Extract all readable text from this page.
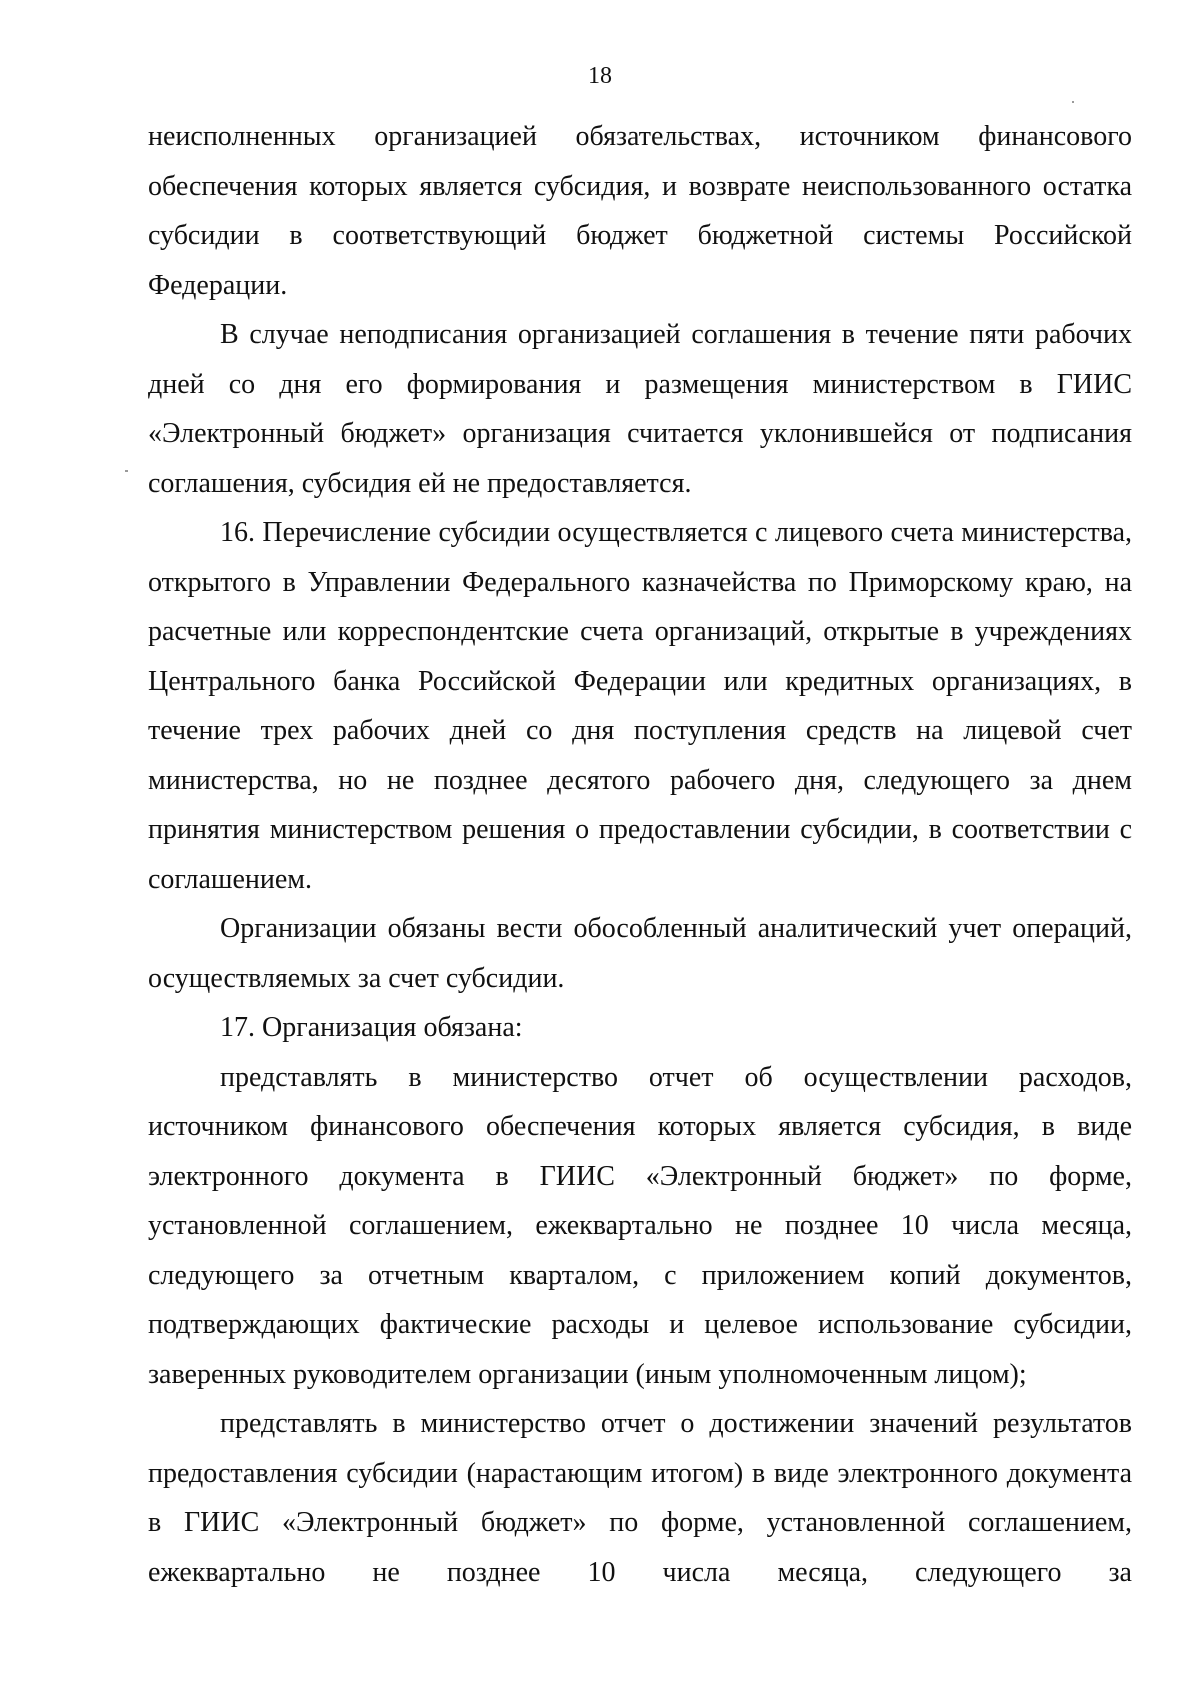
18

неисполненных организацией обязательствах, источником финансового обеспечения которых является субсидия, и возврате неиспользованного остатка субсидии в соответствующий бюджет бюджетной системы Российской Федерации.

В случае неподписания организацией соглашения в течение пяти рабочих дней со дня его формирования и размещения министерством в ГИИС «Электронный бюджет» организация считается уклонившейся от подписания соглашения, субсидия ей не предоставляется.

16. Перечисление субсидии осуществляется с лицевого счета министерства, открытого в Управлении Федерального казначейства по Приморскому краю, на расчетные или корреспондентские счета организаций, открытые в учреждениях Центрального банка Российской Федерации или кредитных организациях, в течение трех рабочих дней со дня поступления средств на лицевой счет министерства, но не позднее десятого рабочего дня, следующего за днем принятия министерством решения о предоставлении субсидии, в соответствии с соглашением.

Организации обязаны вести обособленный аналитический учет операций, осуществляемых за счет субсидии.

17. Организация обязана:

представлять в министерство отчет об осуществлении расходов, источником финансового обеспечения которых является субсидия, в виде электронного документа в ГИИС «Электронный бюджет» по форме, установленной соглашением, ежеквартально не позднее 10 числа месяца, следующего за отчетным кварталом, с приложением копий документов, подтверждающих фактические расходы и целевое использование субсидии, заверенных руководителем организации (иным уполномоченным лицом);

представлять в министерство отчет о достижении значений результатов предоставления субсидии (нарастающим итогом) в виде электронного документа в ГИИС «Электронный бюджет» по форме, установленной соглашением, ежеквартально не позднее 10 числа месяца, следующего за
